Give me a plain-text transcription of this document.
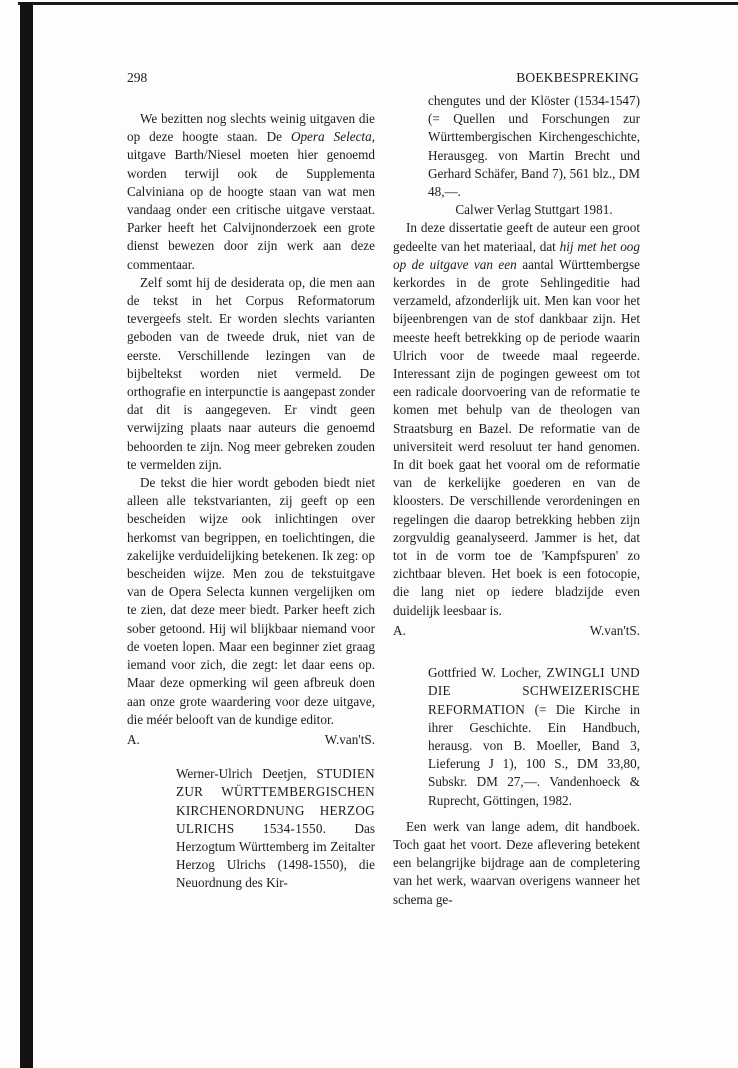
298	BOEKBESPREKING

We bezitten nog slechts weinig uitgaven die op deze hoogte staan. De Opera Selecta, uitgave Barth/Niesel moeten hier genoemd worden terwijl ook de Supplementa Calviniana op de hoogte staan van wat men vandaag onder een critische uitgave verstaat. Parker heeft het Calvijnonderzoek een grote dienst bewezen door zijn werk aan deze commentaar.

Zelf somt hij de desiderata op, die men aan de tekst in het Corpus Reformatorum tevergeefs stelt. Er worden slechts varianten geboden van de tweede druk, niet van de eerste. Verschillende lezingen van de bijbeltekst worden niet vermeld. De orthografie en interpunctie is aangepast zonder dat dit is aangegeven. Er vindt geen verwijzing plaats naar auteurs die genoemd behoorden te zijn. Nog meer gebreken zouden te vermelden zijn.

De tekst die hier wordt geboden biedt niet alleen alle tekstvarianten, zij geeft op een bescheiden wijze ook inlichtingen over herkomst van begrippen, en toelichtingen, die zakelijke verduidelijking betekenen. Ik zeg: op bescheiden wijze. Men zou de tekstuitgave van de Opera Selecta kunnen vergelijken om te zien, dat deze meer biedt. Parker heeft zich sober getoond. Hij wil blijkbaar niemand voor de voeten lopen. Maar een beginner ziet graag iemand voor zich, die zegt: let daar eens op. Maar deze opmerking wil geen afbreuk doen aan onze grote waardering voor deze uitgave, die méér belooft van de kundige editor.

A.	W.van'tS.

Werner-Ulrich Deetjen, STUDIEN ZUR WÜRTTEMBERGISCHEN KIRCHENORDNUNG HERZOG ULRICHS 1534-1550. Das Herzogtum Württemberg im Zeitalter Herzog Ulrichs (1498-1550), die Neuordnung des Kir-

chengutes und der Klöster (1534-1547) (= Quellen und Forschungen zur Württembergischen Kirchengeschichte, Herausgeg. von Martin Brecht und Gerhard Schäfer, Band 7), 561 blz., DM 48,—.

Calwer Verlag Stuttgart 1981.

In deze dissertatie geeft de auteur een groot gedeelte van het materiaal, dat hij met het oog op de uitgave van een aantal Württembergse kerkordes in de grote Sehlingeditie had verzameld, afzonderlijk uit. Men kan voor het bijeenbrengen van de stof dankbaar zijn. Het meeste heeft betrekking op de periode waarin Ulrich voor de tweede maal regeerde. Interessant zijn de pogingen geweest om tot een radicale doorvoering van de reformatie te komen met behulp van de theologen van Straatsburg en Bazel. De reformatie van de universiteit werd resoluut ter hand genomen. In dit boek gaat het vooral om de reformatie van de kerkelijke goederen en van de kloosters. De verschillende verordeningen en regelingen die daarop betrekking hebben zijn zorgvuldig geanalyseerd. Jammer is het, dat tot in de vorm toe de 'Kampfspuren' zo zichtbaar bleven. Het boek is een fotocopie, die lang niet op iedere bladzijde even duidelijk leesbaar is.

A.	W.van'tS.

Gottfried W. Locher, ZWINGLI UND DIE SCHWEIZERISCHE REFORMATION (= Die Kirche in ihrer Geschichte. Ein Handbuch, herausg. von B. Moeller, Band 3, Lieferung J 1), 100 S., DM 33,80, Subskr. DM 27,—. Vandenhoeck & Ruprecht, Göttingen, 1982.

Een werk van lange adem, dit handboek. Toch gaat het voort. Deze aflevering betekent een belangrijke bijdrage aan de completering van het werk, waarvan overigens wanneer het schema ge-
